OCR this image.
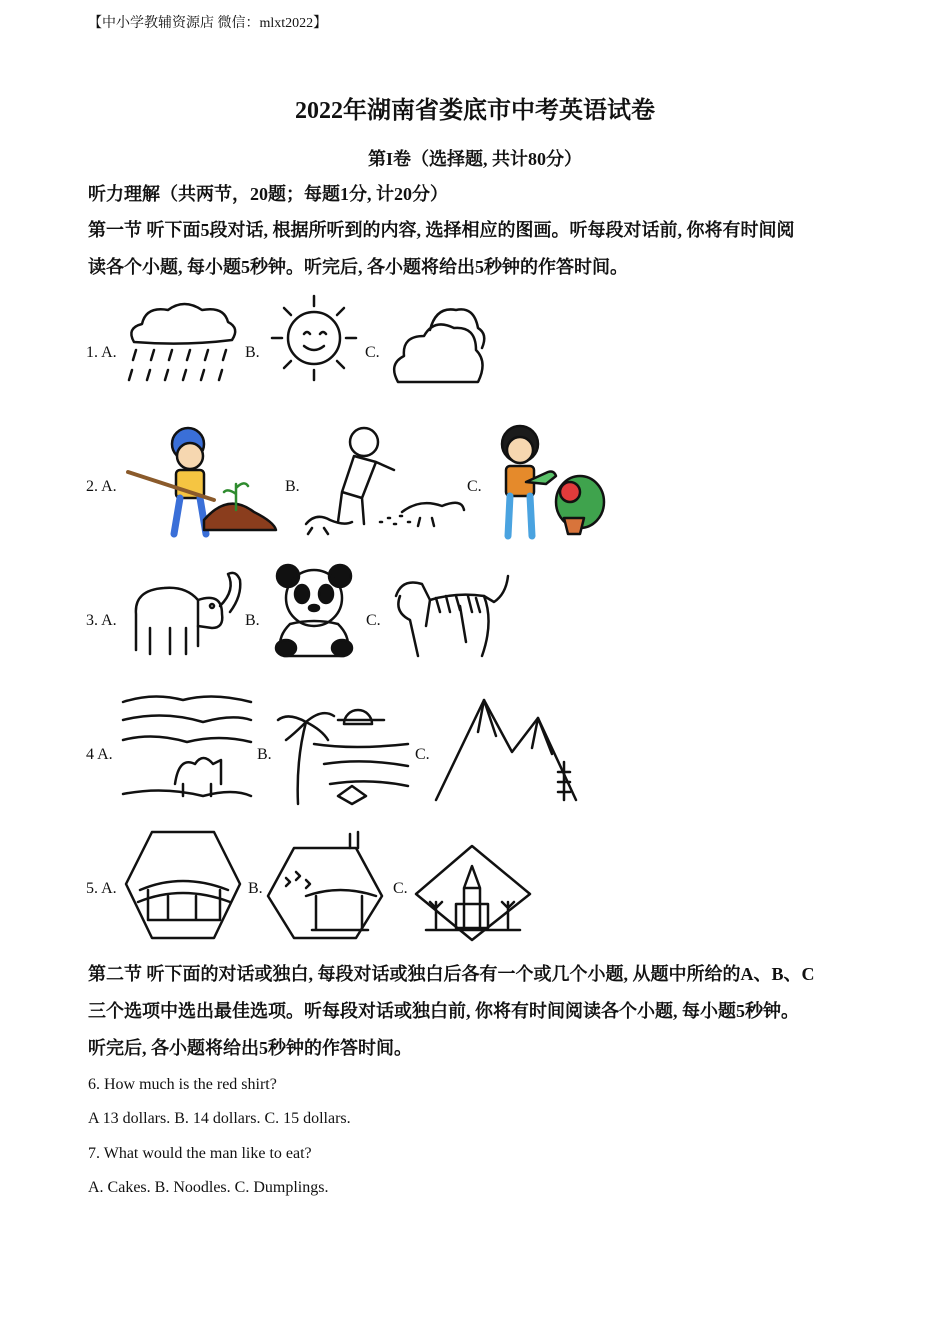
【中小学教辅资源店 微信：mlxt2022】
2022年湖南省娄底市中考英语试卷
第I卷（选择题, 共计80分）
听力理解（共两节，20题；每题1分, 计20分）
第一节 听下面5段对话, 根据所听到的内容, 选择相应的图画。听每段对话前, 你将有时间阅
读各个小题, 每小题5秒钟。听完后, 各小题将给出5秒钟的作答时间。
1. A.	B.	C.
2. A.	B.	C.
3. A.	B.	C.
4 A.	B.	C.
5. A.	B.	C.
第二节 听下面的对话或独白, 每段对话或独白后各有一个或几个小题, 从题中所给的A、B、C
三个选项中选出最佳选项。听每段对话或独白前, 你将有时间阅读各个小题, 每小题5秒钟。
听完后, 各小题将给出5秒钟的作答时间。
6. How much is the red shirt?
A 13 dollars. B. 14 dollars. C. 15 dollars.
7. What would the man like to eat?
A. Cakes. B. Noodles. C. Dumplings.
